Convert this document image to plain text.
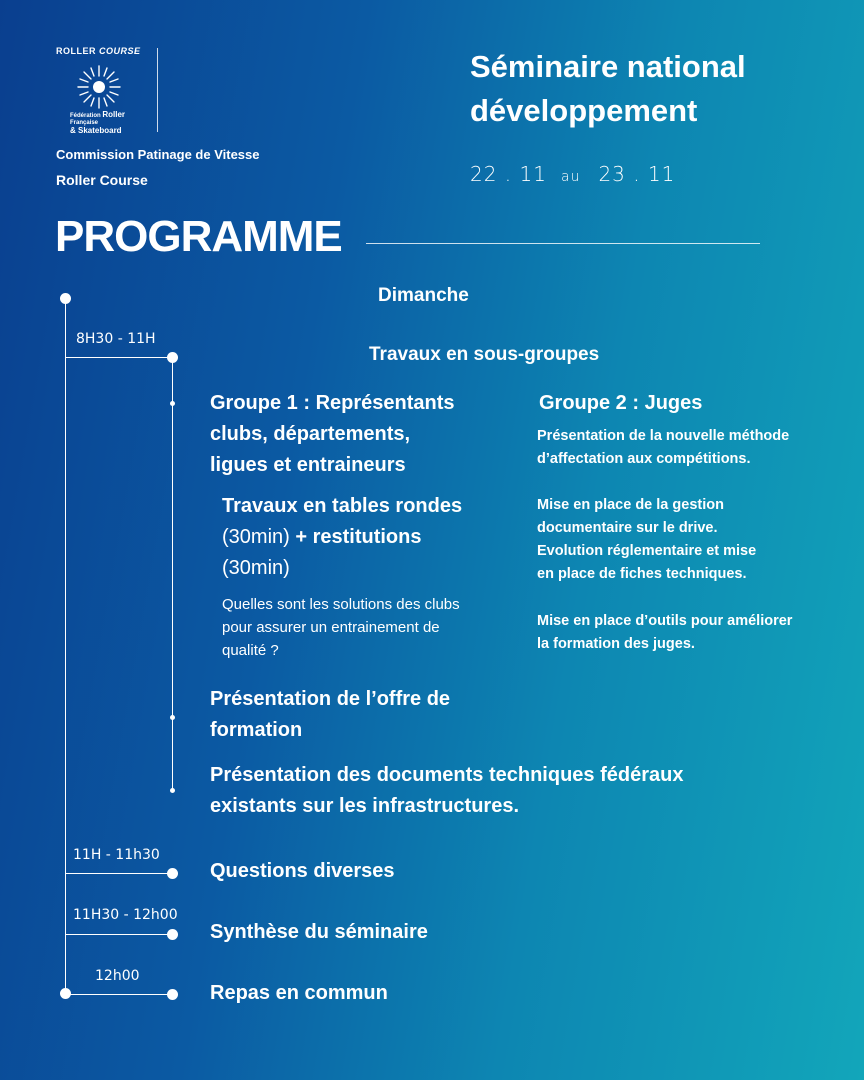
ROLLER COURSE
Fédération Roller
Française
& Skateboard
Commission Patinage de Vitesse
Roller Course
Séminaire national
développement
22 . 11 au 23 . 11
PROGRAMME
Dimanche
8H30 - 11H
Travaux en sous-groupes
Groupe 1 : Représentants
clubs, départements,
ligues et entraineurs
Travaux en tables rondes
(30min) + restitutions
(30min)
Quelles sont les solutions des clubs
pour assurer un entrainement de
qualité ?
Présentation de l’offre de
formation
Présentation des documents techniques fédéraux
existants sur les infrastructures.
Groupe 2 : Juges
Présentation de la nouvelle méthode
d’affectation aux compétitions.
Mise en place de la gestion
documentaire sur le drive.
Evolution réglementaire et mise
en place de fiches techniques.
Mise en place d’outils pour améliorer
la formation des juges.
11H - 11h30
Questions diverses
11H30 - 12h00
Synthèse du séminaire
12h00
Repas en commun
